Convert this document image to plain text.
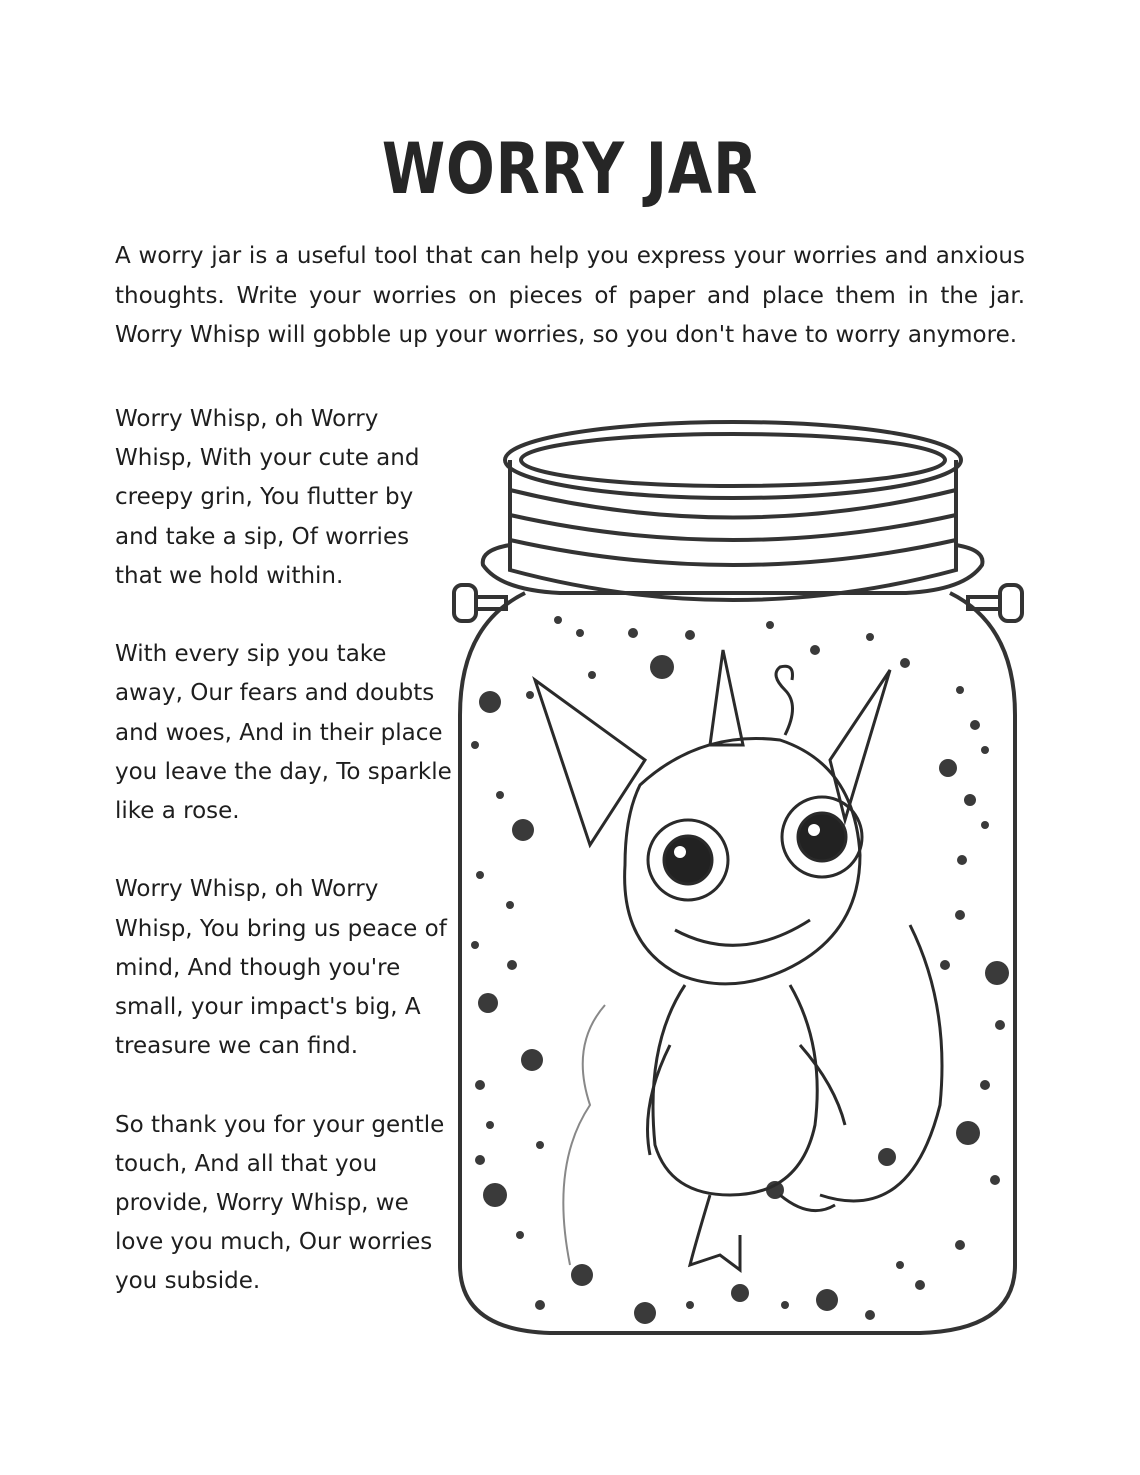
WORRY JAR
A worry jar is a useful tool that can help you express your worries and anxious thoughts. Write your worries on pieces of paper and place them in the jar. Worry Whisp will gobble up your worries, so you don't have to worry anymore.

Worry Whisp, oh Worry Whisp, With your cute and creepy grin, You flutter by and take a sip, Of worries that we hold within.

With every sip you take away, Our fears and doubts and woes, And in their place you leave the day, To sparkle like a rose.

Worry Whisp, oh Worry Whisp, You bring us peace of mind, And though you're small, your impact's big, A treasure we can find.

So thank you for your gentle touch, And all that you provide, Worry Whisp, we love you much, Our worries you subside.
